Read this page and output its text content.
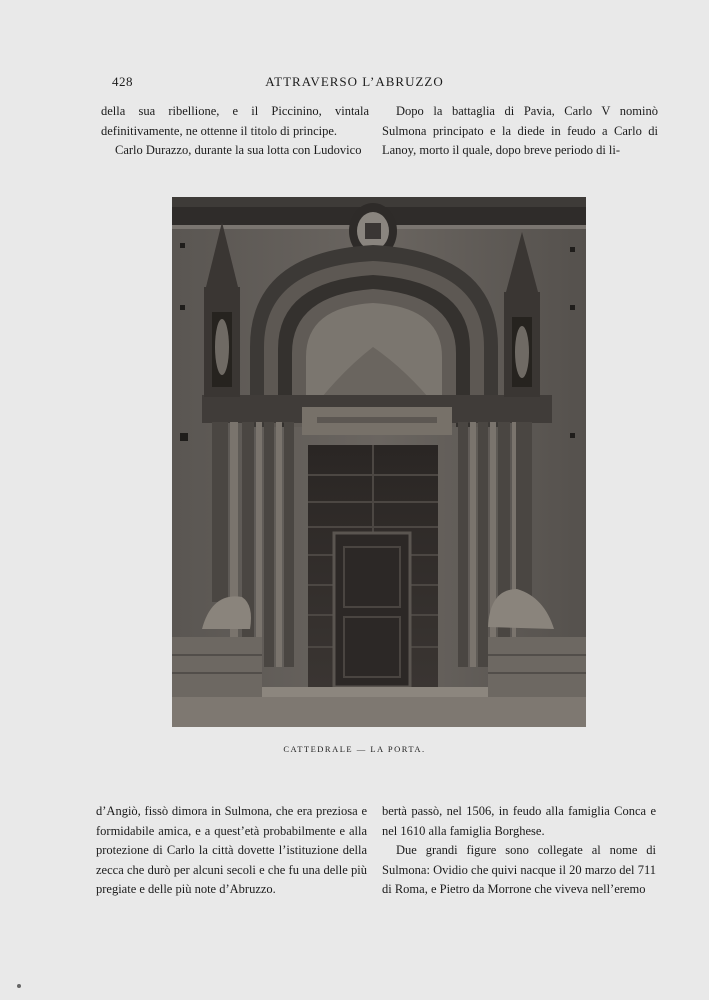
428	ATTRAVERSO L’ABRUZZO

della sua ribellione, e il Piccinino, vintala definitivamente, ne ottenne il titolo di principe.

Carlo Durazzo, durante la sua lotta con Ludovico

Dopo la battaglia di Pavia, Carlo V nominò Sulmona principato e la diede in feudo a Carlo di Lanoy, morto il quale, dopo breve periodo di li-

CATTEDRALE — LA PORTA.

d’Angiò, fissò dimora in Sulmona, che era preziosa e formidabile amica, e a quest’età probabilmente e alla protezione di Carlo la città dovette l’istituzione della zecca che durò per alcuni secoli e che fu una delle più pregiate e delle più note d’Abruzzo.

bertà passò, nel 1506, in feudo alla famiglia Conca e nel 1610 alla famiglia Borghese.

Due grandi figure sono collegate al nome di Sulmona: Ovidio che quivi nacque il 20 marzo del 711 di Roma, e Pietro da Morrone che viveva nell’eremo
